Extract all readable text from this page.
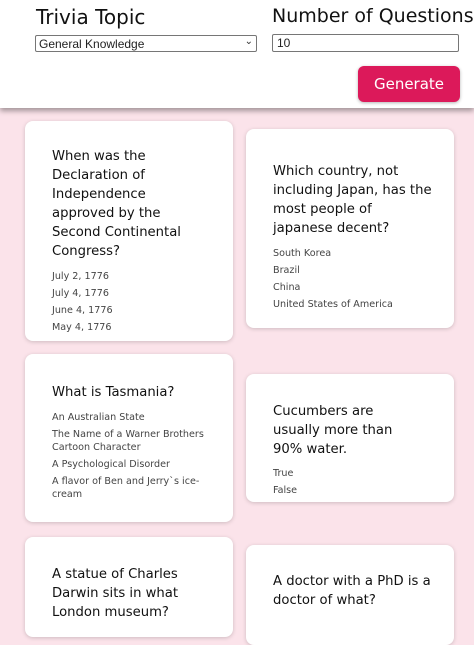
Trivia Topic
General Knowledge	⌄
Number of Questions
10
Generate

When was the Declaration of Independence approved by the Second Continental Congress?

July 2, 1776
July 4, 1776
June 4, 1776
May 4, 1776

Which country, not including Japan, has the most people of japanese decent?

South Korea
Brazil
China
United States of America

What is Tasmania?

An Australian State
The Name of a Warner Brothers Cartoon Character
A Psychological Disorder
A flavor of Ben and Jerry`s ice-cream

Cucumbers are usually more than 90% water.

True
False

A statue of Charles Darwin sits in what London museum?

A doctor with a PhD is a doctor of what?
